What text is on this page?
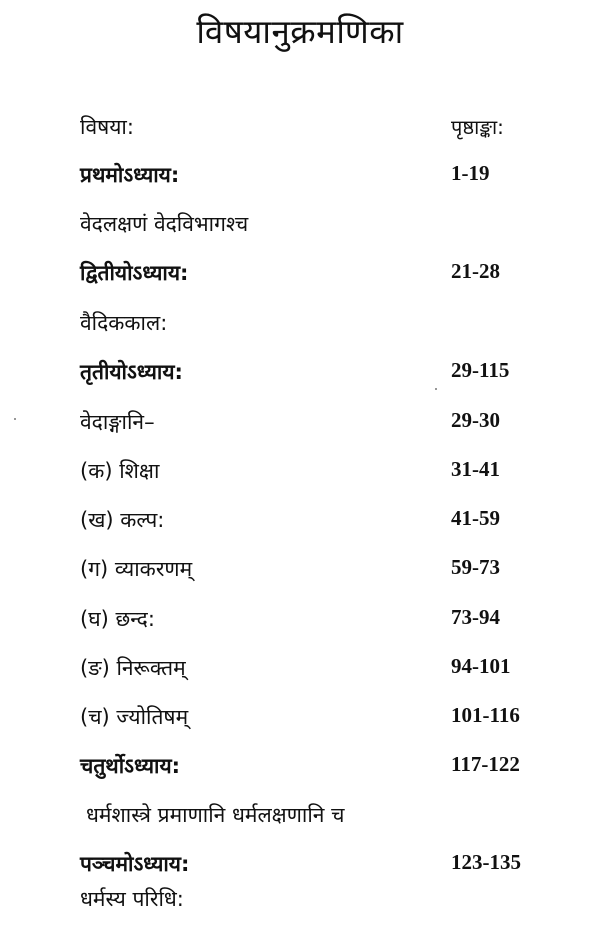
विषयानुक्रमणिका
विषया:	पृष्ठाङ्का:
प्रथमोऽध्याय:	1-19
वेदलक्षणं वेदविभागश्च
द्वितीयोऽध्याय:	21-28
वैदिककाल:
तृतीयोऽध्याय:	29-115
वेदाङ्गानि–	29-30
(क) शिक्षा	31-41
(ख) कल्प:	41-59
(ग) व्याकरणम्	59-73
(घ) छन्द:	73-94
(ङ) निरूक्तम्	94-101
(च) ज्योतिषम्	101-116
चतुर्थोऽध्याय:	117-122
धर्मशास्त्रे प्रमाणानि धर्मलक्षणानि च
पञ्चमोऽध्याय:	123-135
धर्मस्य परिधि:
